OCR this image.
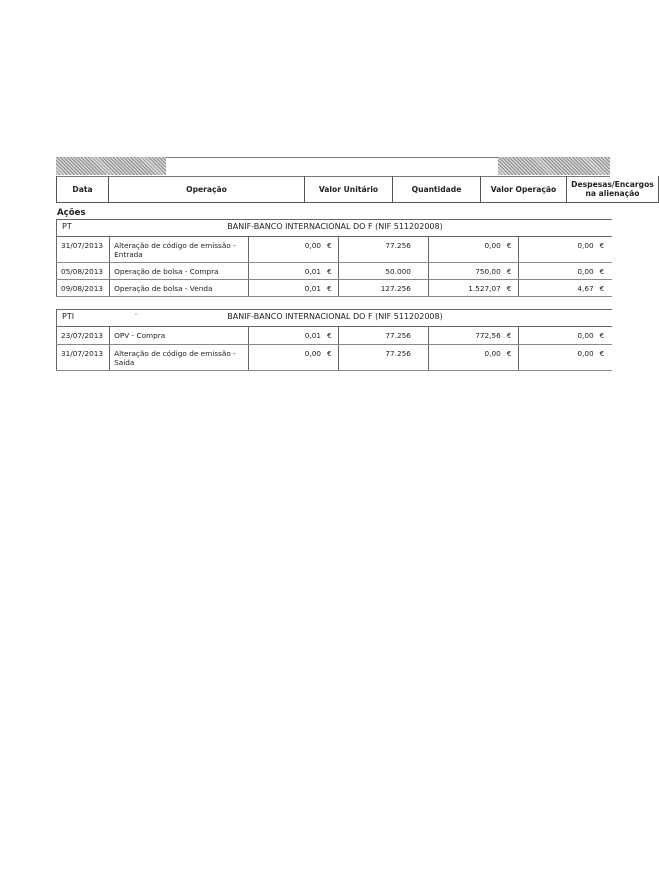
Data	Operação	Valor Unitário	Quantidade	Valor Operação	Despesas/Encargos na alienação
Ações
PT	BANIF-BANCO INTERNACIONAL DO F (NIF 511202008)
31/07/2013	Alteração de código de emissão - Entrada	0,00	€	77.256		0,00	€	0,00	€
05/08/2013	Operação de bolsa - Compra	0,01	€	50.000		750,00	€	0,00	€
09/08/2013	Operação de bolsa - Venda	0,01	€	127.256		1.527,07	€	4,67	€
PTI	'	BANIF-BANCO INTERNACIONAL DO F (NIF 511202008)
23/07/2013	OPV - Compra	0,01	€	77.256		772,56	€	0,00	€
31/07/2013	Alteração de código de emissão - Saída	0,00	€	77.256		0,00	€	0,00	€
